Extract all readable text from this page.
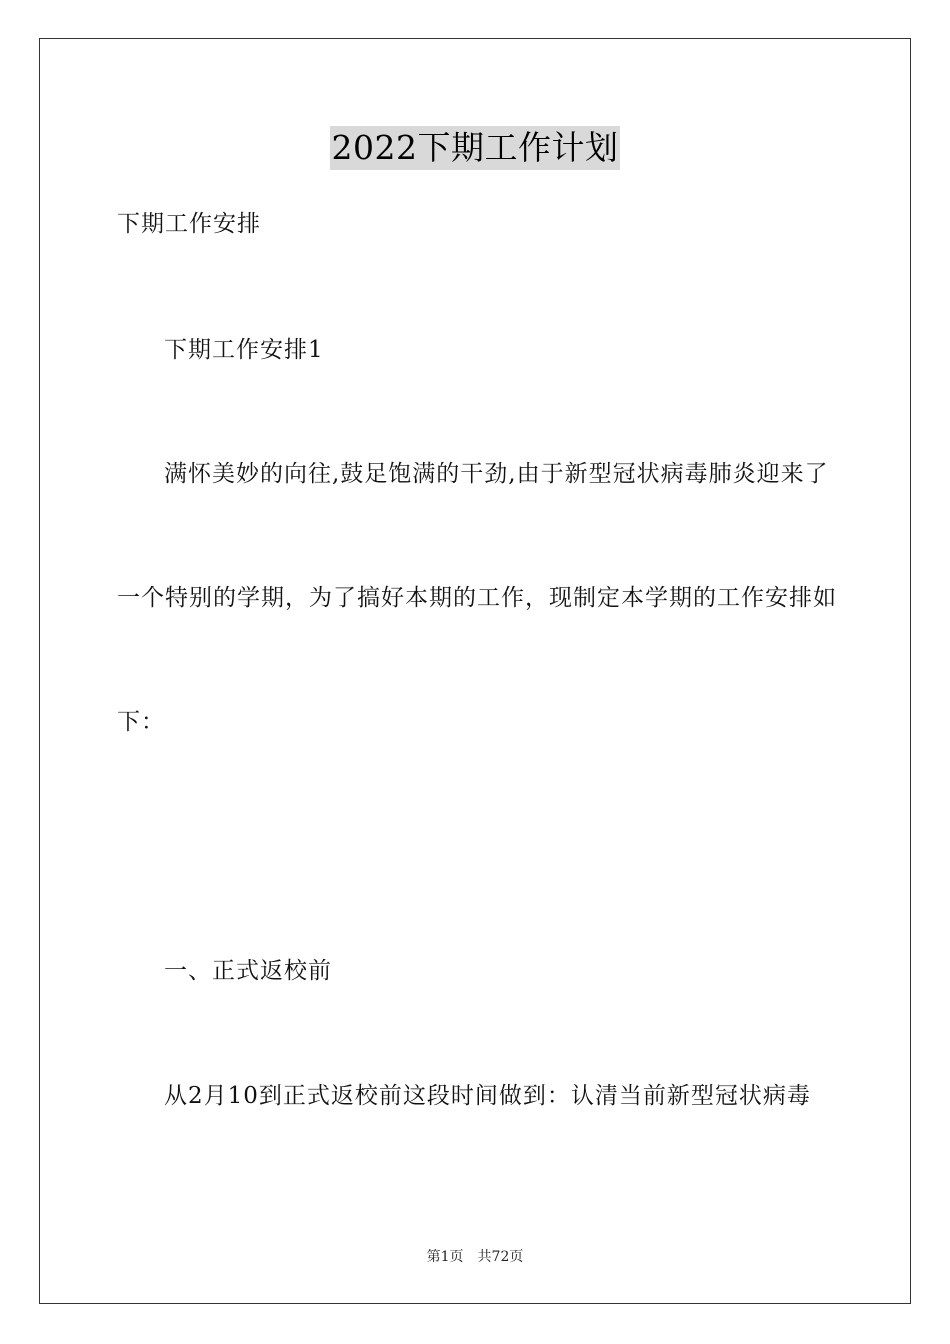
2022下期工作计划
下期工作安排
下期工作安排1
满怀美妙的向往,鼓足饱满的干劲,由于新型冠状病毒肺炎迎来了
一 个 特 别 的 学 期 ， 为 了 搞 好 本 期 的 工 作 ， 现 制 定 本 学 期 的 工 作 安 排 如
下：
一、正式返校前
从2月10到正式返校前这段时间做到：认清当前新型冠状病毒
第1页 共72页
